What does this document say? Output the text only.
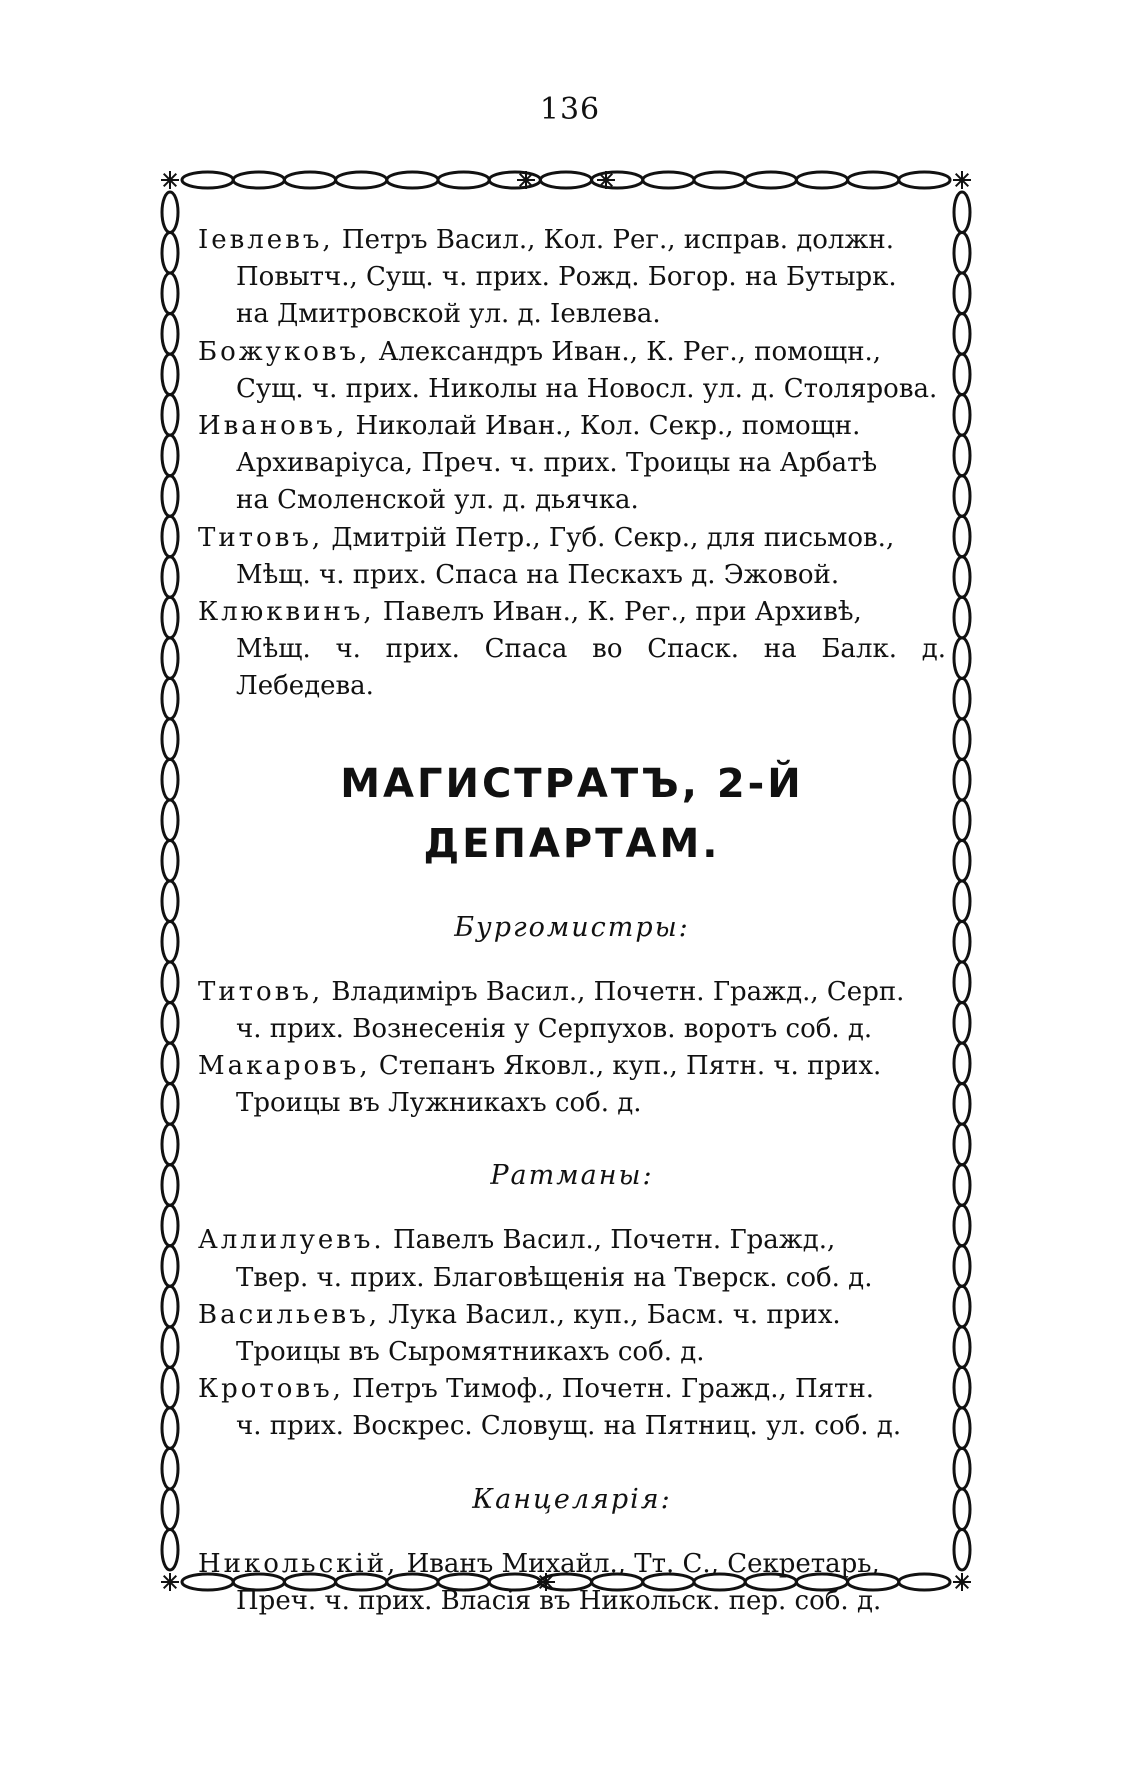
136

Іевлевъ, Петръ Васил., Кол. Рег., исправ. должн.
Повытч., Сущ. ч. прих. Рожд. Богор. на Бутырк.
на Дмитровской ул. д. Іевлева.

Божуковъ, Александръ Иван., К. Рег., помощн.,
Сущ. ч. прих. Николы на Новосл. ул. д. Столярова.

Ивановъ, Николай Иван., Кол. Секр., помощн.
Архиваріуса, Преч. ч. прих. Троицы на Арбатѣ
на Смоленской ул. д. дьячка.

Титовъ, Дмитрій Петр., Губ. Секр., для письмов.,
Мѣщ. ч. прих. Спаса на Пескахъ д. Эжовой.

Клюквинъ, Павелъ Иван., К. Рег., при Архивѣ,
Мѣщ. ч. прих. Спаса во Спаск. на Балк. д. Лебедева.

МАГИСТРАТЪ, 2-Й ДЕПАРТАМ.
Бургомистры:

Титовъ, Владиміръ Васил., Почетн. Гражд., Серп.
ч. прих. Вознесенія у Серпухов. воротъ соб. д.

Макаровъ, Степанъ Яковл., куп., Пятн. ч. прих.
Троицы въ Лужникахъ соб. д.

Ратманы:

Аллилуевъ. Павелъ Васил., Почетн. Гражд.,
Твер. ч. прих. Благовѣщенія на Тверск. соб. д.

Васильевъ, Лука Васил., куп., Басм. ч. прих.
Троицы въ Сыромятникахъ соб. д.

Кротовъ, Петръ Тимоф., Почетн. Гражд., Пятн.
ч. прих. Воскрес. Словущ. на Пятниц. ул. соб. д.

Канцелярія:

Никольскій, Иванъ Михайл., Тт. С., Секретарь,
Преч. ч. прих. Власія въ Никольск. пер. соб. д.
